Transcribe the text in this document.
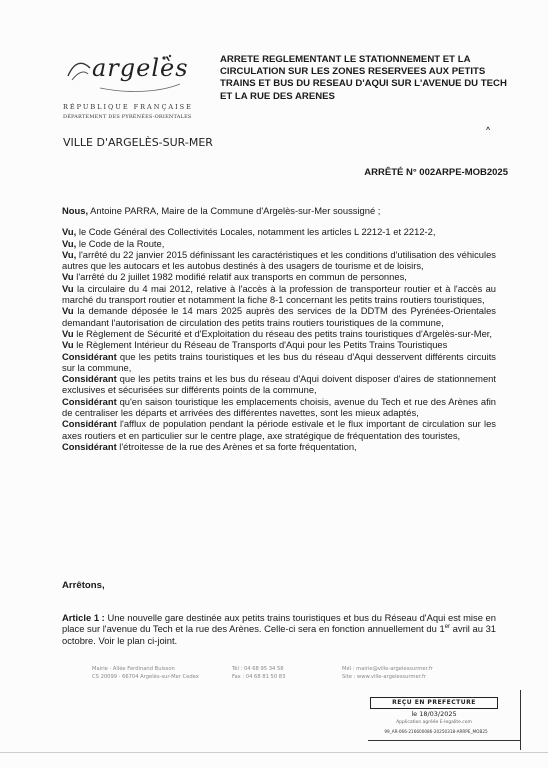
argelès
RÉPUBLIQUE FRANÇAISE
DÉPARTEMENT DES PYRÉNÉES-ORIENTALES
VILLE D'ARGELÈS-SUR-MER
ARRETE REGLEMENTANT LE STATIONNEMENT ET LA CIRCULATION SUR LES ZONES RESERVEES AUX PETITS TRAINS ET BUS DU RESEAU D'AQUI SUR L'AVENUE DU TECH ET LA RUE DES ARENES
^
ARRÊTÉ N° 002ARPE-MOB2025

Nous, Antoine PARRA, Maire de la Commune d'Argelès-sur-Mer soussigné ;

Vu, le Code Général des Collectivités Locales, notamment les articles L 2212-1 et 2212-2,

Vu, le Code de la Route,

Vu, l'arrêté du 22 janvier 2015 définissant les caractéristiques et les conditions d'utilisation des véhicules autres que les autocars et les autobus destinés à des usagers de tourisme et de loisirs,

Vu l'arrêté du 2 juillet 1982 modifié relatif aux transports en commun de personnes,

Vu la circulaire du 4 mai 2012, relative à l'accès à la profession de transporteur routier et à l'accès au marché du transport routier et notamment la fiche 8-1 concernant les petits trains routiers touristiques,

Vu la demande déposée le 14 mars 2025 auprès des services de la DDTM des Pyrénées-Orientales demandant l'autorisation de circulation des petits trains routiers touristiques de la commune,

Vu le Règlement de Sécurité et d'Exploitation du réseau des petits trains touristiques d'Argelès-sur-Mer,

Vu le Règlement Intérieur du Réseau de Transports d'Aqui pour les Petits Trains Touristiques

Considérant que les petits trains touristiques et les bus du réseau d'Aqui desservent différents circuits sur la commune,

Considérant que les petits trains et les bus du réseau d'Aqui doivent disposer d'aires de stationnement exclusives et sécurisées sur différents points de la commune,

Considérant qu'en saison touristique les emplacements choisis, avenue du Tech et rue des Arènes afin de centraliser les départs et arrivées des différentes navettes, sont les mieux adaptés,

Considérant l'afflux de population pendant la période estivale et le flux important de circulation sur les axes routiers et en particulier sur le centre plage, axe stratégique de fréquentation des touristes,

Considérant l'étroitesse de la rue des Arènes et sa forte fréquentation,

Arrêtons,
Article 1 : Une nouvelle gare destinée aux petits trains touristiques et bus du Réseau d'Aqui est mise en place sur l'avenue du Tech et la rue des Arènes. Celle-ci sera en fonction annuellement du 1er avril au 31 octobre. Voir le plan ci-joint.
Mairie · Allée Ferdinand Buisson
CS 20099 · 66704 Argelès-sur-Mer Cedex
Tél : 04 68 95 34 58
Fax : 04 68 81 50 83
Mél : mairie@ville-argelessurmer.fr
Site : www.ville-argelessurmer.fr
REÇU EN PREFECTURE
le 18/03/2025
Application agréée E-legalite.com
99_AR-066-216600086-20250318-ARRPE_MOB25
